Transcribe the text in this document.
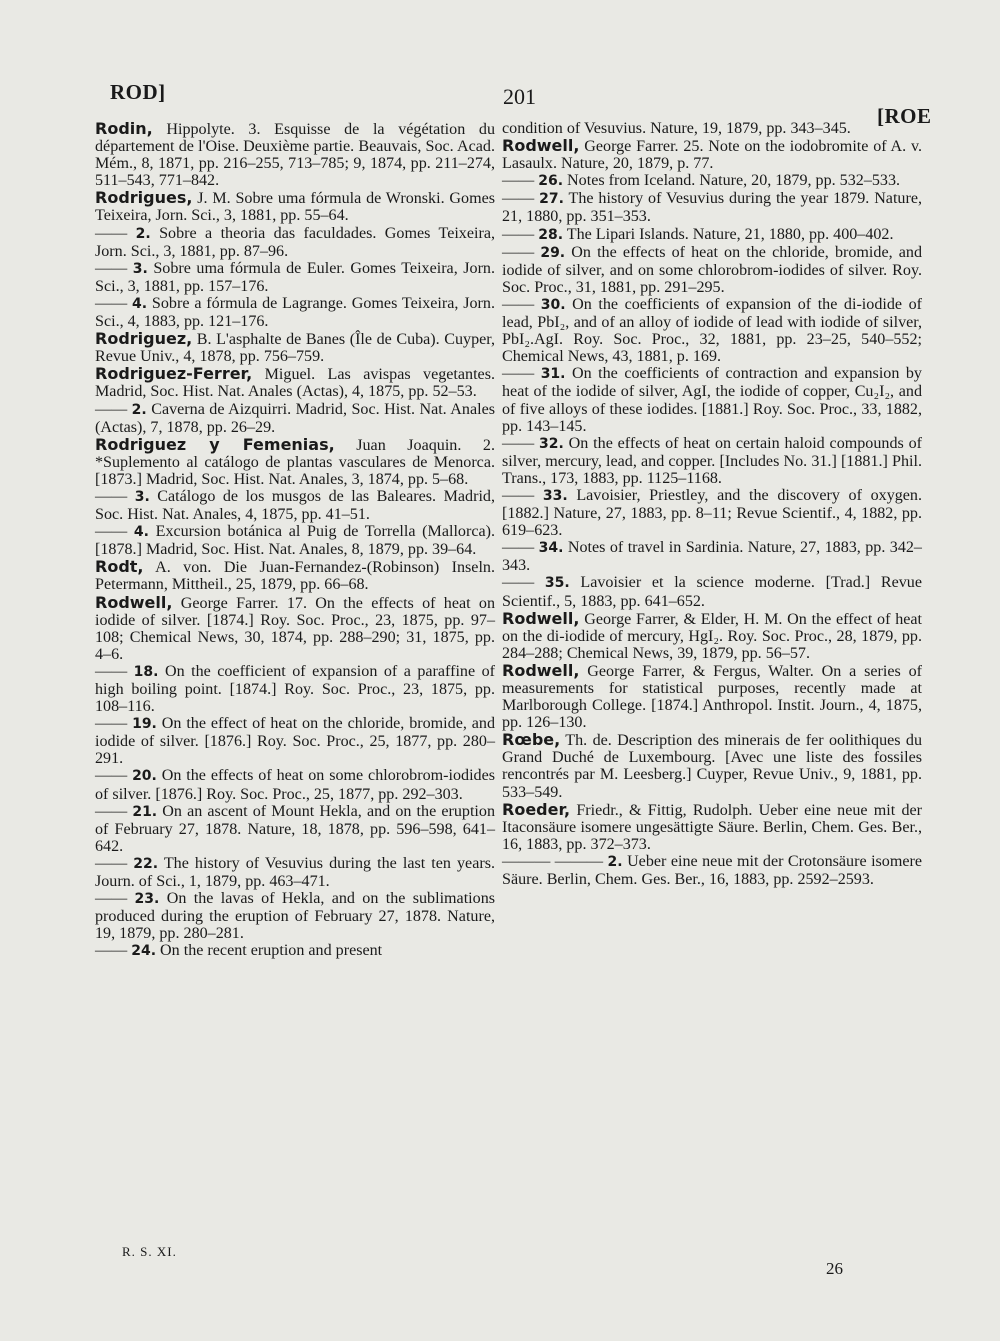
ROD]	201
[ROE
Rodin, Hippolyte. 3. Esquisse de la végétation du département de l'Oise. Deuxième partie. Beauvais, Soc. Acad. Mém., 8, 1871, pp. 216–255, 713–785; 9, 1874, pp. 211–274, 511–543, 771–842.
Rodrigues, J. M. Sobre uma fórmula de Wronski. Gomes Teixeira, Jorn. Sci., 3, 1881, pp. 55–64.
—— 2. Sobre a theoria das faculdades. Gomes Teixeira, Jorn. Sci., 3, 1881, pp. 87–96.
—— 3. Sobre uma fórmula de Euler. Gomes Teixeira, Jorn. Sci., 3, 1881, pp. 157–176.
—— 4. Sobre a fórmula de Lagrange. Gomes Teixeira, Jorn. Sci., 4, 1883, pp. 121–176.
Rodriguez, B. L'asphalte de Banes (Île de Cuba). Cuyper, Revue Univ., 4, 1878, pp. 756–759.
Rodriguez-Ferrer, Miguel. Las avispas vegetantes. Madrid, Soc. Hist. Nat. Anales (Actas), 4, 1875, pp. 52–53.
—— 2. Caverna de Aizquirri. Madrid, Soc. Hist. Nat. Anales (Actas), 7, 1878, pp. 26–29.
Rodriguez y Femenias, Juan Joaquin. 2. *Suplemento al catálogo de plantas vasculares de Menorca. [1873.] Madrid, Soc. Hist. Nat. Anales, 3, 1874, pp. 5–68.
—— 3. Catálogo de los musgos de las Baleares. Madrid, Soc. Hist. Nat. Anales, 4, 1875, pp. 41–51.
—— 4. Excursion botánica al Puig de Torrella (Mallorca). [1878.] Madrid, Soc. Hist. Nat. Anales, 8, 1879, pp. 39–64.
Rodt, A. von. Die Juan-Fernandez-(Robinson) Inseln. Petermann, Mittheil., 25, 1879, pp. 66–68.
Rodwell, George Farrer. 17. On the effects of heat on iodide of silver. [1874.] Roy. Soc. Proc., 23, 1875, pp. 97–108; Chemical News, 30, 1874, pp. 288–290; 31, 1875, pp. 4–6.
—— 18. On the coefficient of expansion of a paraffine of high boiling point. [1874.] Roy. Soc. Proc., 23, 1875, pp. 108–116.
—— 19. On the effect of heat on the chloride, bromide, and iodide of silver. [1876.] Roy. Soc. Proc., 25, 1877, pp. 280–291.
—— 20. On the effects of heat on some chlorobrom-iodides of silver. [1876.] Roy. Soc. Proc., 25, 1877, pp. 292–303.
—— 21. On an ascent of Mount Hekla, and on the eruption of February 27, 1878. Nature, 18, 1878, pp. 596–598, 641–642.
—— 22. The history of Vesuvius during the last ten years. Journ. of Sci., 1, 1879, pp. 463–471.
—— 23. On the lavas of Hekla, and on the sublimations produced during the eruption of February 27, 1878. Nature, 19, 1879, pp. 280–281.
—— 24. On the recent eruption and present
condition of Vesuvius. Nature, 19, 1879, pp. 343–345.
Rodwell, George Farrer. 25. Note on the iodobromite of A. v. Lasaulx. Nature, 20, 1879, p. 77.
—— 26. Notes from Iceland. Nature, 20, 1879, pp. 532–533.
—— 27. The history of Vesuvius during the year 1879. Nature, 21, 1880, pp. 351–353.
—— 28. The Lipari Islands. Nature, 21, 1880, pp. 400–402.
—— 29. On the effects of heat on the chloride, bromide, and iodide of silver, and on some chlorobrom-iodides of silver. Roy. Soc. Proc., 31, 1881, pp. 291–295.
—— 30. On the coefficients of expansion of the di-iodide of lead, PbI₂, and of an alloy of iodide of lead with iodide of silver, PbI₂.AgI. Roy. Soc. Proc., 32, 1881, pp. 23–25, 540–552; Chemical News, 43, 1881, p. 169.
—— 31. On the coefficients of contraction and expansion by heat of the iodide of silver, AgI, the iodide of copper, Cu₂I₂, and of five alloys of these iodides. [1881.] Roy. Soc. Proc., 33, 1882, pp. 143–145.
—— 32. On the effects of heat on certain haloid compounds of silver, mercury, lead, and copper. [Includes No. 31.] [1881.] Phil. Trans., 173, 1883, pp. 1125–1168.
—— 33. Lavoisier, Priestley, and the discovery of oxygen. [1882.] Nature, 27, 1883, pp. 8–11; Revue Scientif., 4, 1882, pp. 619–623.
—— 34. Notes of travel in Sardinia. Nature, 27, 1883, pp. 342–343.
—— 35. Lavoisier et la science moderne. [Trad.] Revue Scientif., 5, 1883, pp. 641–652.
Rodwell, George Farrer, & Elder, H. M. On the effect of heat on the di-iodide of mercury, HgI₂. Roy. Soc. Proc., 28, 1879, pp. 284–288; Chemical News, 39, 1879, pp. 56–57.
Rodwell, George Farrer, & Fergus, Walter. On a series of measurements for statistical purposes, recently made at Marlborough College. [1874.] Anthropol. Instit. Journ., 4, 1875, pp. 126–130.
Rœbe, Th. de. Description des minerais de fer oolithiques du Grand Duché de Luxembourg. [Avec une liste des fossiles rencontrés par M. Leesberg.] Cuyper, Revue Univ., 9, 1881, pp. 533–549.
Roeder, Friedr., & Fittig, Rudolph. Ueber eine neue mit der Itaconsäure isomere ungesättigte Säure. Berlin, Chem. Ges. Ber., 16, 1883, pp. 372–373.
——— ——— 2. Ueber eine neue mit der Crotonsäure isomere Säure. Berlin, Chem. Ges. Ber., 16, 1883, pp. 2592–2593.
R. S. XI.
26
